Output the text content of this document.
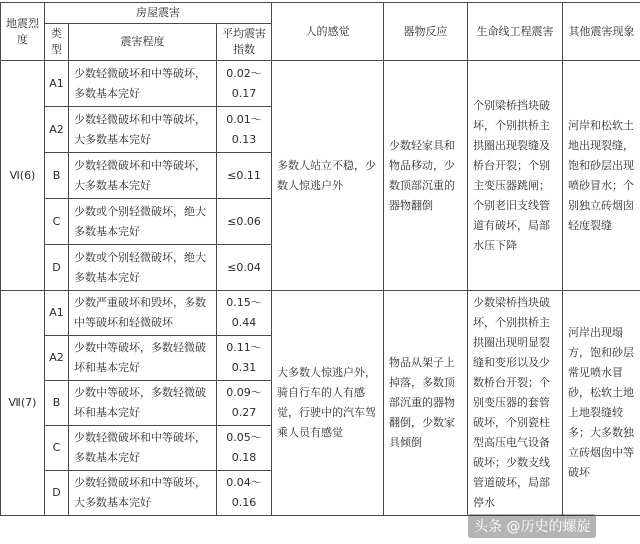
地震烈度	房屋震害			人的感觉	器物反应	生命线工程震害	其他震害现象
	类型	震害程度	平均震害指数				
Ⅵ(6)	A1	少数轻微破坏和中等破坏，多数基本完好	0.02～0.17	多数人站立不稳，少数人惊逃户外	少数轻家具和物品移动，少数顶部沉重的器物翻倒	个别梁桥挡块破坏，个别拱桥主拱圈出现裂缝及桥台开裂；个别主变压器跳闸；个别老旧支线管道有破坏，局部水压下降	河岸和松软土地出现裂缝，饱和砂层出现喷砂冒水；个别独立砖烟囱轻度裂缝
	A2	少数轻微破坏和中等破坏，大多数基本完好	0.01～0.13				
	B	少数轻微破坏和中等破坏，大多数基本完好	≤0.11				
	C	少数或个别轻微破坏，绝大多数基本完好	≤0.06				
	D	少数或个别轻微破坏，绝大多数基本完好	≤0.04				
Ⅶ(7)	A1	少数严重破坏和毁坏，多数中等破坏和轻微破坏	0.15～0.44	大多数人惊逃户外，骑自行车的人有感觉，行驶中的汽车驾乘人员有感觉	物品从架子上掉落，多数顶部沉重的器物翻倒，少数家具倾倒	少数梁桥挡块破坏，个别拱桥主拱圈出现明显裂缝和变形以及少数桥台开裂；个别变压器的套管破坏，个别瓷柱型高压电气设备破坏；少数支线管道破坏，局部停水	河岸出现塌方，饱和砂层常见喷水冒砂，松软土地上地裂缝较多；大多数独立砖烟囱中等破坏
	A2	少数中等破坏，多数轻微破坏和基本完好	0.11～0.31				
	B	少数中等破坏，多数轻微破坏和基本完好	0.09～0.27				
	C	少数轻微破坏和中等破坏，多数基本完好	0.05～0.18				
	D	少数轻微破坏和中等破坏，大多数基本完好	0.04～0.16				
头条 @历史的螺旋
